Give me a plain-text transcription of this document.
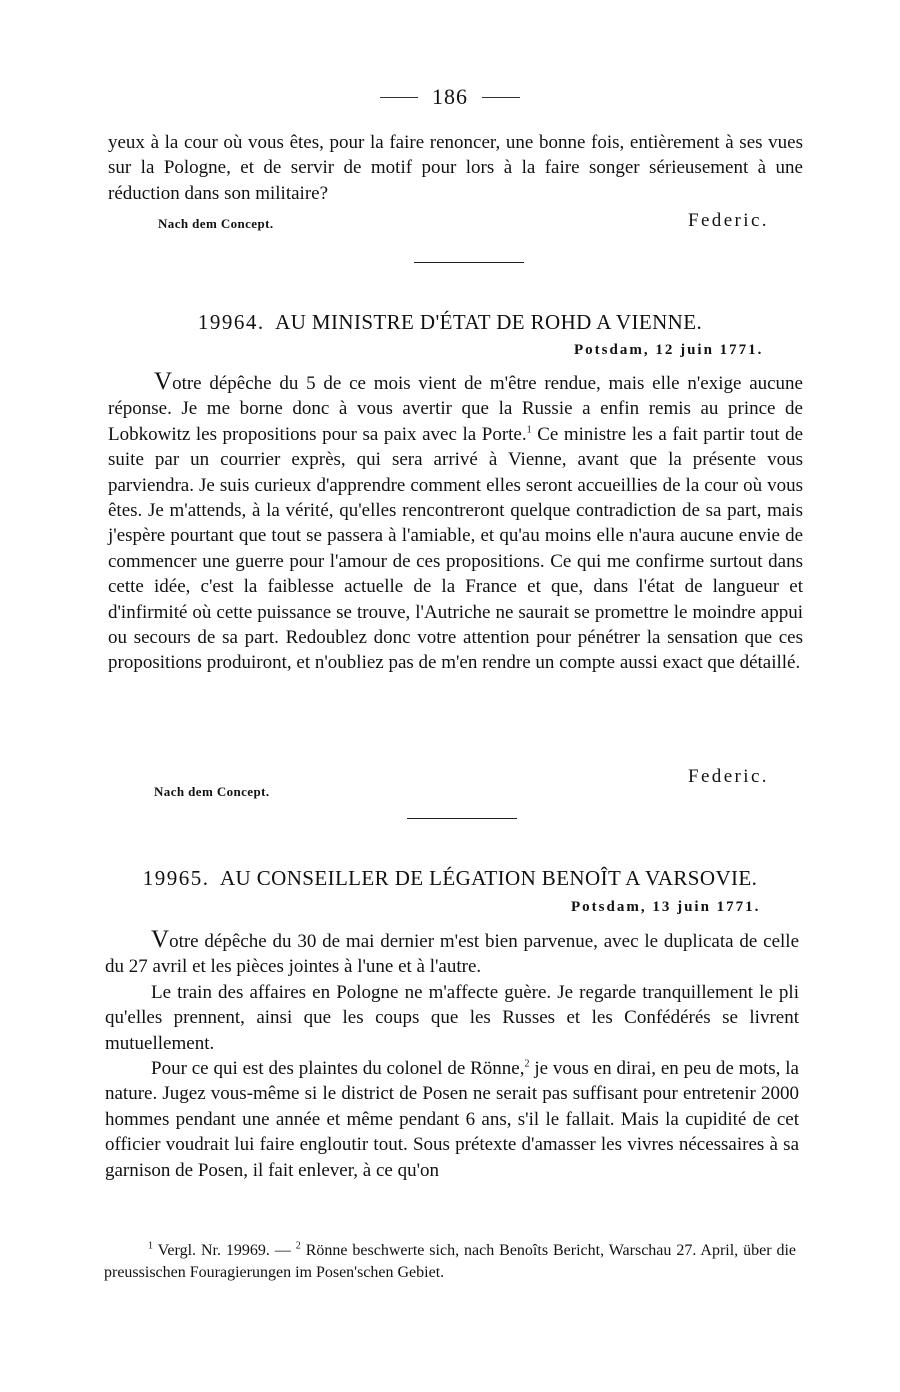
186

yeux à la cour où vous êtes, pour la faire renoncer, une bonne fois, entièrement à ses vues sur la Pologne, et de servir de motif pour lors à la faire songer sérieusement à une réduction dans son militaire?

Nach dem Concept.	Federic.
19964. AU MINISTRE D'ÉTAT DE ROHD A VIENNE.
Potsdam, 12 juin 1771.

Votre dépêche du 5 de ce mois vient de m'être rendue, mais elle n'exige aucune réponse. Je me borne donc à vous avertir que la Russie a enfin remis au prince de Lobkowitz les propositions pour sa paix avec la Porte.$^1$ Ce ministre les a fait partir tout de suite par un courrier exprès, qui sera arrivé à Vienne, avant que la présente vous parviendra. Je suis curieux d'apprendre comment elles seront accueillies de la cour où vous êtes. Je m'attends, à la vérité, qu'elles rencontreront quelque contradiction de sa part, mais j'espère pourtant que tout se passera à l'amiable, et qu'au moins elle n'aura aucune envie de commencer une guerre pour l'amour de ces propositions. Ce qui me confirme surtout dans cette idée, c'est la faiblesse actuelle de la France et que, dans l'état de langueur et d'infirmité où cette puissance se trouve, l'Autriche ne saurait se promettre le moindre appui ou secours de sa part. Redoublez donc votre attention pour pénétrer la sensation que ces propositions produiront, et n'oubliez pas de m'en rendre un compte aussi exact que détaillé.

Federic.
Nach dem Concept.
19965. AU CONSEILLER DE LÉGATION BENOÎT A VARSOVIE.
Potsdam, 13 juin 1771.

Votre dépêche du 30 de mai dernier m'est bien parvenue, avec le duplicata de celle du 27 avril et les pièces jointes à l'une et à l'autre.

Le train des affaires en Pologne ne m'affecte guère. Je regarde tranquillement le pli qu'elles prennent, ainsi que les coups que les Russes et les Confédérés se livrent mutuellement.

Pour ce qui est des plaintes du colonel de Rönne,$^2$ je vous en dirai, en peu de mots, la nature. Jugez vous-même si le district de Posen ne serait pas suffisant pour entretenir 2000 hommes pendant une année et même pendant 6 ans, s'il le fallait. Mais la cupidité de cet officier voudrait lui faire engloutir tout. Sous prétexte d'amasser les vivres nécessaires à sa garnison de Posen, il fait enlever, à ce qu'on

$^1$ Vergl. Nr. 19969. — $^2$ Rönne beschwerte sich, nach Benoîts Bericht, Warschau 27. April, über die preussischen Fouragierungen im Posen'schen Gebiet.
